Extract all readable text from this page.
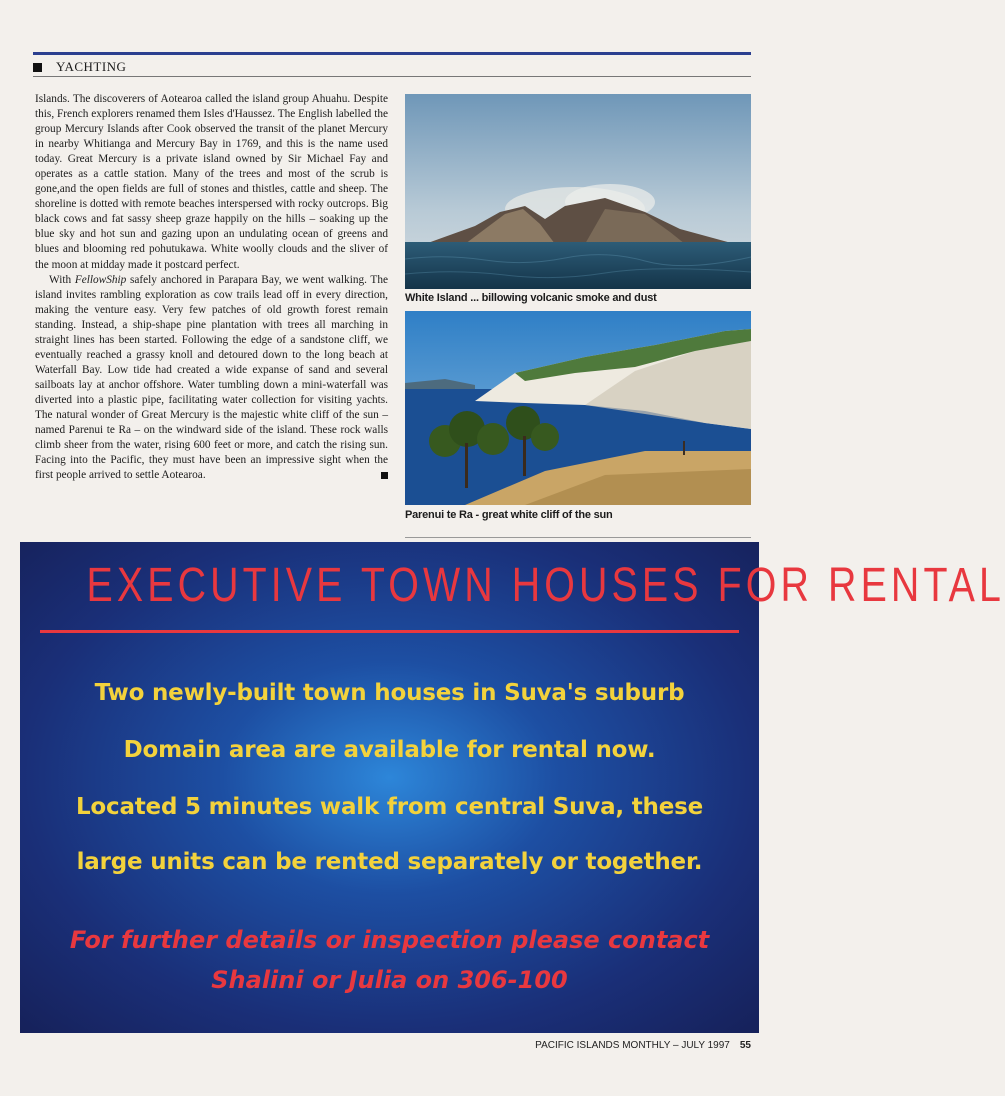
YACHTING

Islands. The discoverers of Aotearoa called the island group Ahuahu. Despite this, French explorers renamed them Isles d'Haussez. The English labelled the group Mercury Islands after Cook observed the transit of the planet Mercury in nearby Whitianga and Mercury Bay in 1769, and this is the name used today. Great Mercury is a private island owned by Sir Michael Fay and operates as a cattle station. Many of the trees and most of the scrub is gone,and the open fields are full of stones and thistles, cattle and sheep. The shoreline is dotted with remote beaches interspersed with rocky outcrops. Big black cows and fat sassy sheep graze happily on the hills – soaking up the blue sky and hot sun and gazing upon an undulating ocean of greens and blues and blooming red pohutukawa. White woolly clouds and the sliver of the moon at midday made it postcard perfect.

With FellowShip safely anchored in Parapara Bay, we went walking. The island invites rambling exploration as cow trails lead off in every direction, making the venture easy. Very few patches of old growth forest remain standing. Instead, a ship-shape pine plantation with trees all marching in straight lines has been started. Following the edge of a sandstone cliff, we eventually reached a grassy knoll and detoured down to the long beach at Waterfall Bay. Low tide had created a wide expanse of sand and several sailboats lay at anchor offshore. Water tumbling down a mini-waterfall was diverted into a plastic pipe, facilitating water collection for visiting yachts. The natural wonder of Great Mercury is the majestic white cliff of the sun – named Parenui te Ra – on the windward side of the island. These rock walls climb sheer from the water, rising 600 feet or more, and catch the rising sun. Facing into the Pacific, they must have been an impressive sight when the first people arrived to settle Aotearoa.

White Island ... billowing volcanic smoke and dust
Parenui te Ra - great white cliff of the sun
EXECUTIVE TOWN HOUSES FOR RENTAL
Two newly-built town houses in Suva's suburb
Domain area are available for rental now.
Located 5 minutes walk from central Suva, these
large units can be rented separately or together.
For further details or inspection please contact
Shalini or Julia on 306-100
PACIFIC ISLANDS MONTHLY – JULY 1997 55
